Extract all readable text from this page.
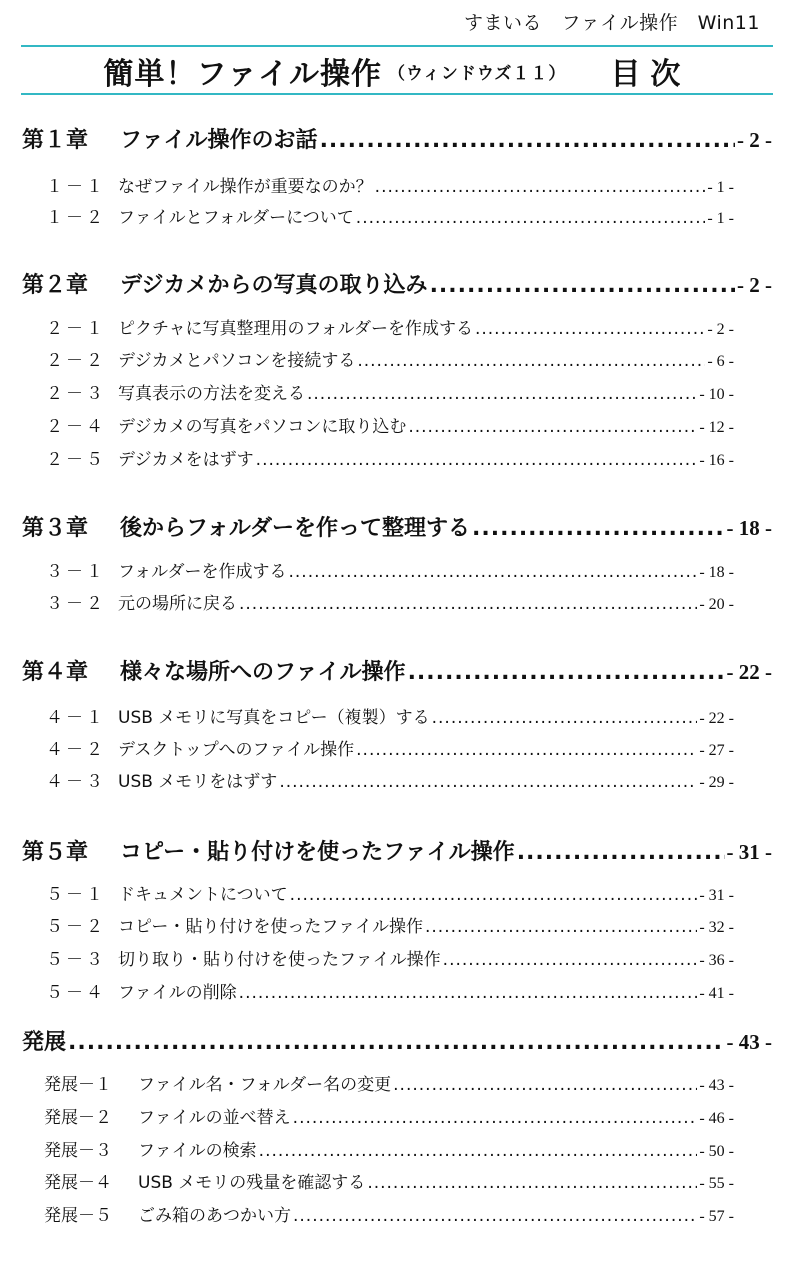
すまいる　ファイル操作　Win11
簡単！ファイル操作 （ウィンドウズ１１） 目次
第１章	ファイル操作のお話 .....	- 2 -
１－１ なぜファイル操作が重要なのか？ .....	- 1 -
１－２ ファイルとフォルダーについて .....	- 1 -
第２章	デジカメからの写真の取り込み .....	- 2 -
２－１ ピクチャに写真整理用のフォルダーを作成する .....	- 2 -
２－２ デジカメとパソコンを接続する .....	- 6 -
２－３ 写真表示の方法を変える .....	- 10 -
２－４ デジカメの写真をパソコンに取り込む .....	- 12 -
２－５ デジカメをはずす .....	- 16 -
第３章	後からフォルダーを作って整理する .....	- 18 -
３－１ フォルダーを作成する .....	- 18 -
３－２ 元の場所に戻る .....	- 20 -
第４章	様々な場所へのファイル操作 .....	- 22 -
４－１ USB メモリに写真をコピー（複製）する .....	- 22 -
４－２ デスクトップへのファイル操作 .....	- 27 -
４－３ USB メモリをはずす .....	- 29 -
第５章	コピー・貼り付けを使ったファイル操作 .....	- 31 -
５－１ ドキュメントについて .....	- 31 -
５－２ コピー・貼り付けを使ったファイル操作 .....	- 32 -
５－３ 切り取り・貼り付けを使ったファイル操作 .....	- 36 -
５－４ ファイルの削除 .....	- 41 -
発展 .....	- 43 -
発展－１	ファイル名・フォルダー名の変更 .....	- 43 -
発展－２	ファイルの並べ替え .....	- 46 -
発展－３	ファイルの検索 .....	- 50 -
発展－４	USB メモリの残量を確認する .....	- 55 -
発展－５	ごみ箱のあつかい方 .....	- 57 -
